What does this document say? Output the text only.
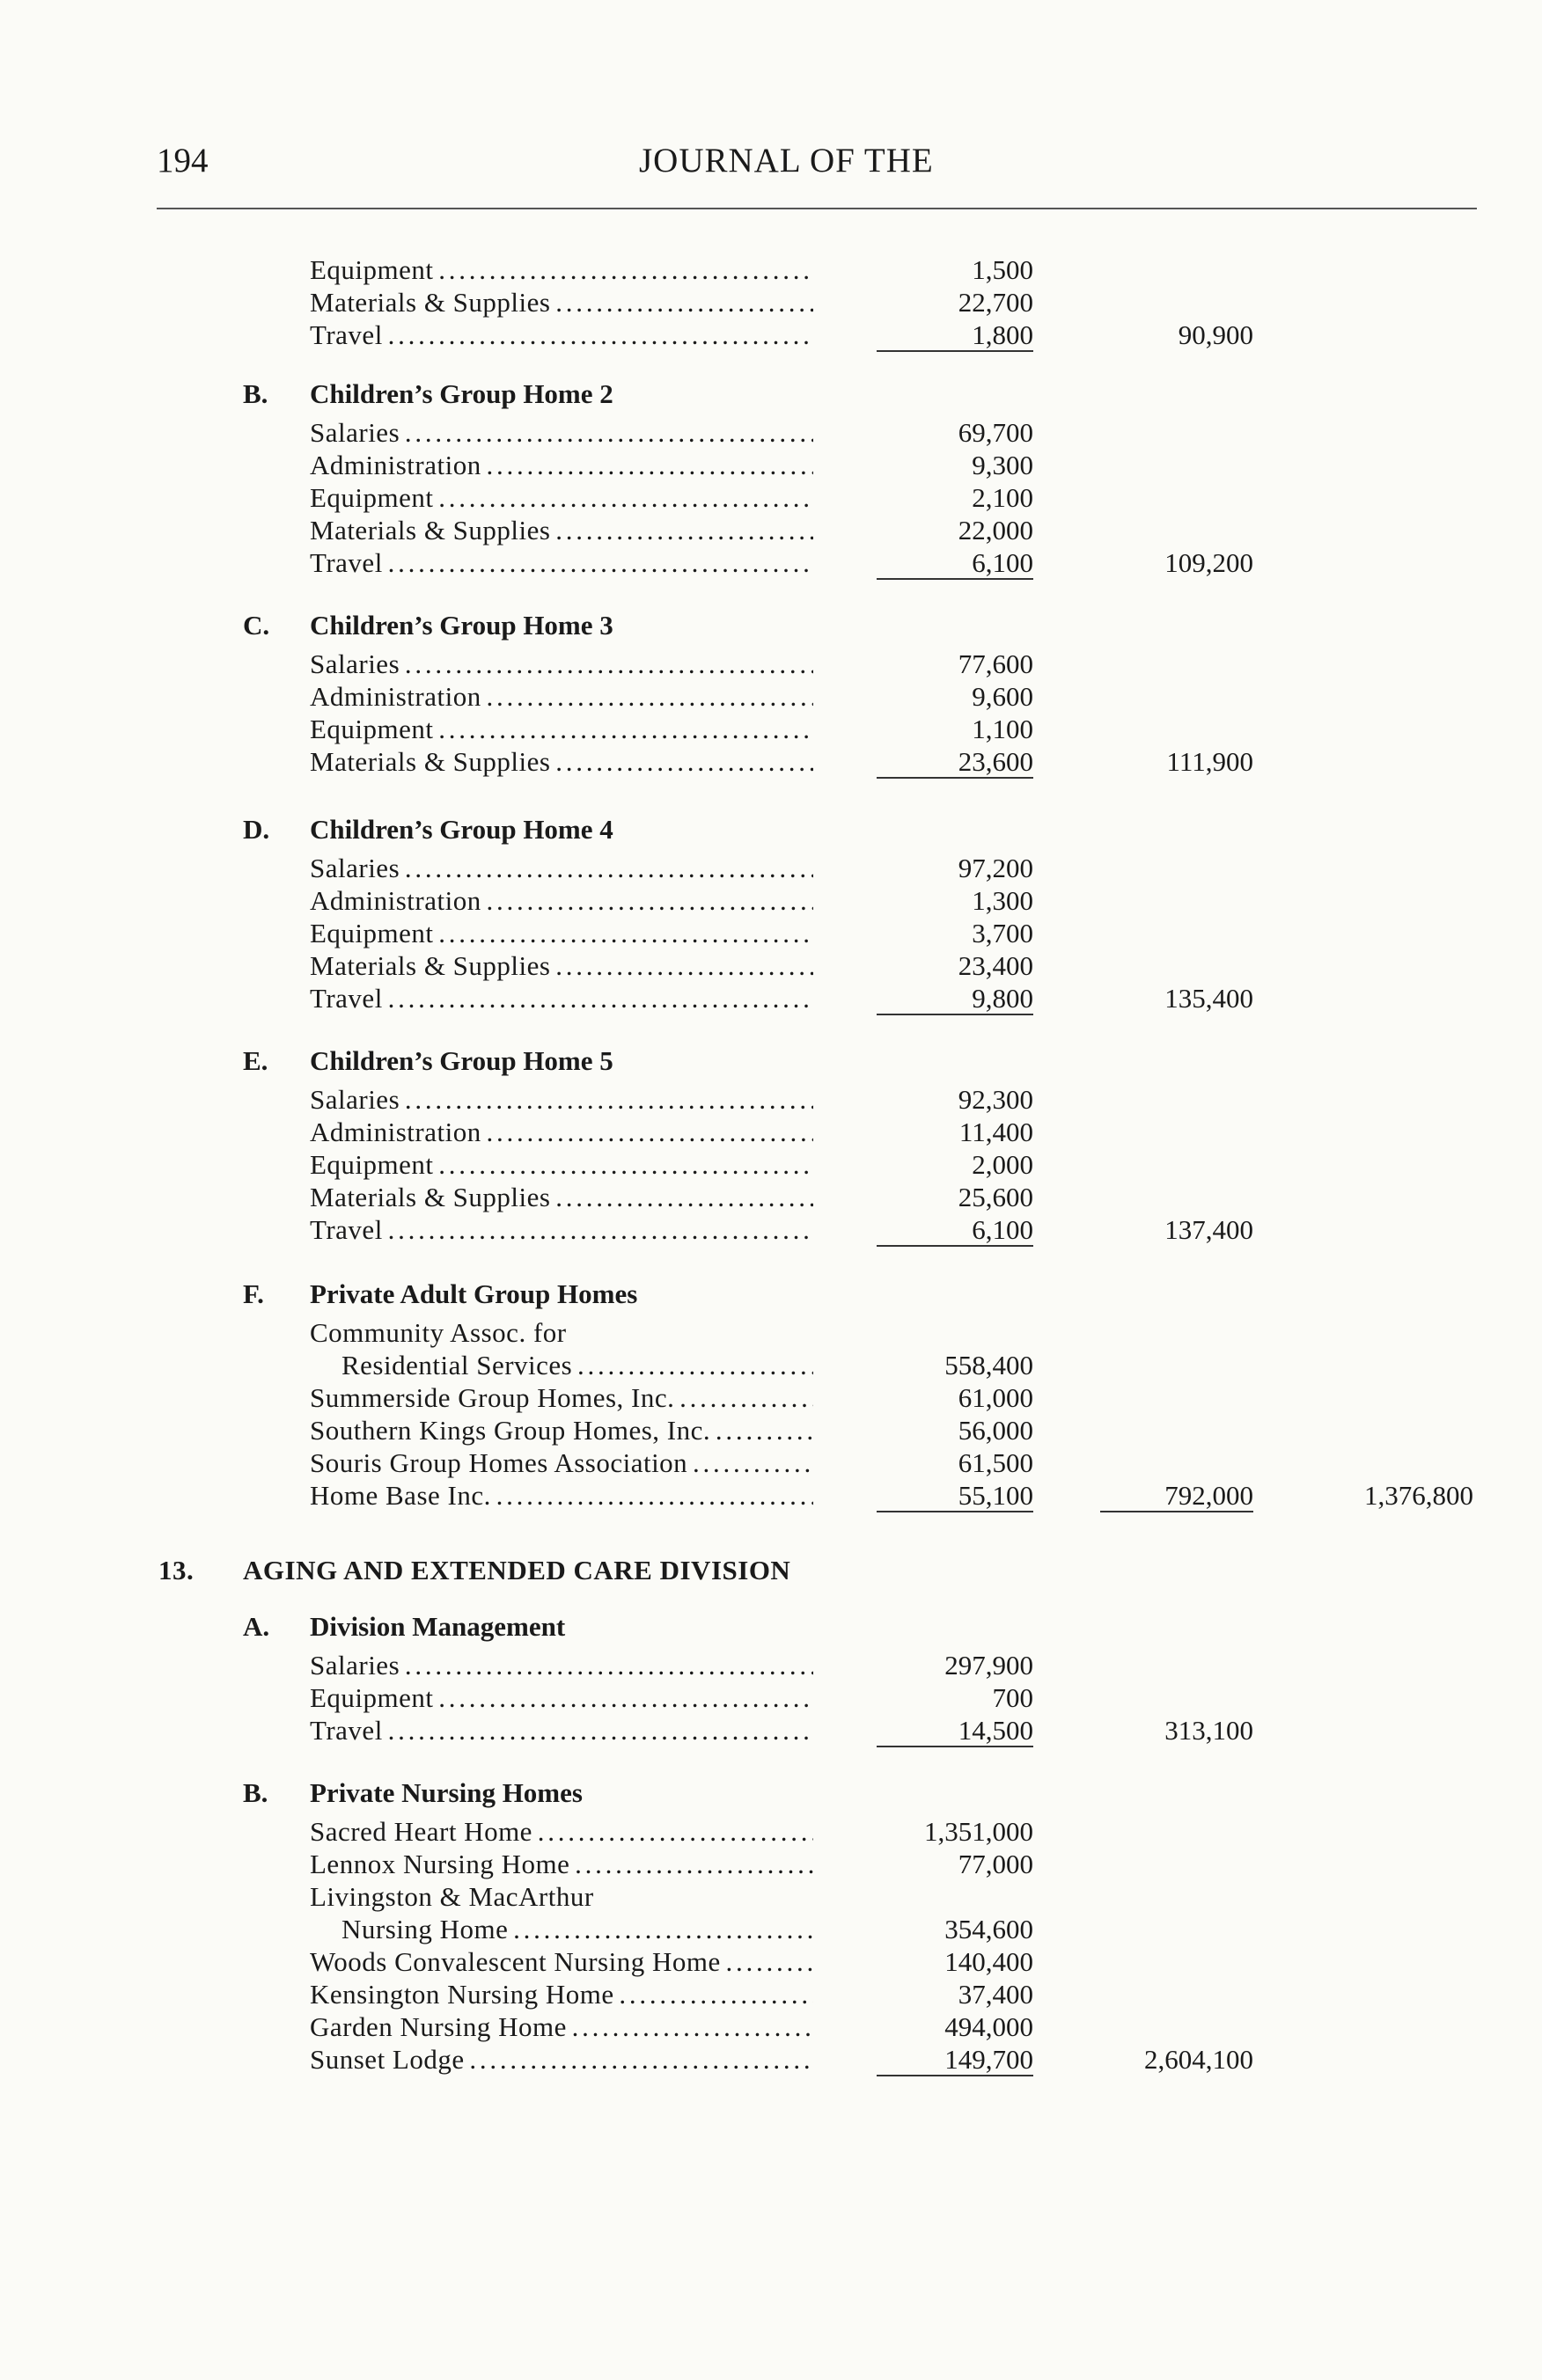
194	JOURNAL OF THE
Equipment . . .	1,500
Materials & Supplies . . .	22,700
Travel . . .	1,800	90,900
B. Children’s Group Home 2
Salaries . . .	69,700
Administration . . .	9,300
Equipment . . .	2,100
Materials & Supplies . . .	22,000
Travel . . .	6,100	109,200
C. Children’s Group Home 3
Salaries . . .	77,600
Administration . . .	9,600
Equipment . . .	1,100
Materials & Supplies . . .	23,600	111,900
D. Children’s Group Home 4
Salaries . . .	97,200
Administration . . .	1,300
Equipment . . .	3,700
Materials & Supplies . . .	23,400
Travel . . .	9,800	135,400
E. Children’s Group Home 5
Salaries . . .	92,300
Administration . . .	11,400
Equipment . . .	2,000
Materials & Supplies . . .	25,600
Travel . . .	6,100	137,400
F. Private Adult Group Homes
Community Assoc. for
Residential Services . . .	558,400
Summerside Group Homes, Inc. . . .	61,000
Southern Kings Group Homes, Inc. . . .	56,000
Souris Group Homes Association . . .	61,500
Home Base Inc. . . .	55,100	792,000	1,376,800
13. AGING AND EXTENDED CARE DIVISION
A. Division Management
Salaries . . .	297,900
Equipment . . .	700
Travel . . .	14,500	313,100
B. Private Nursing Homes
Sacred Heart Home . . .	1,351,000
Lennox Nursing Home . . .	77,000
Livingston & MacArthur
Nursing Home . . .	354,600
Woods Convalescent Nursing Home . . .	140,400
Kensington Nursing Home . . .	37,400
Garden Nursing Home . . .	494,000
Sunset Lodge . . .	149,700	2,604,100
